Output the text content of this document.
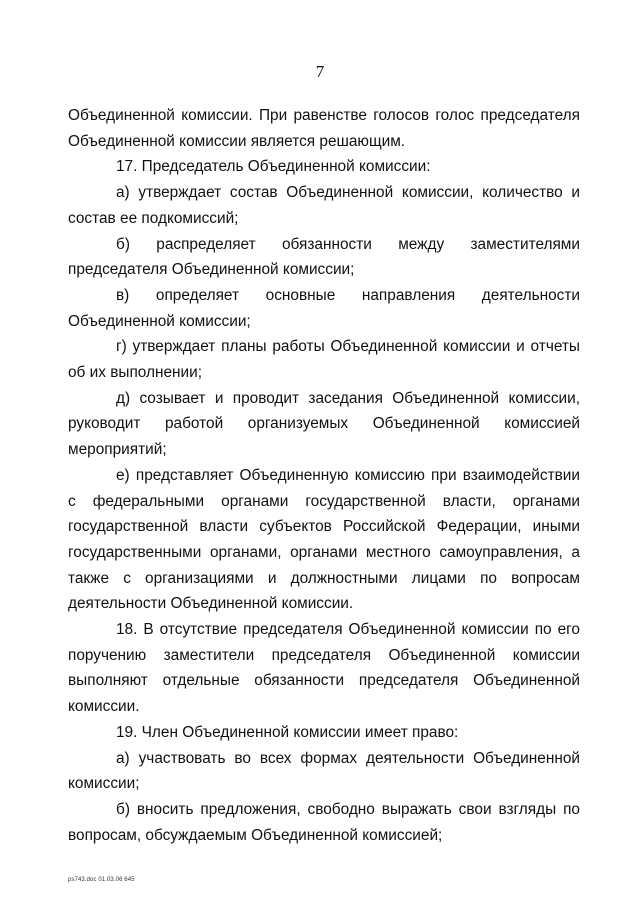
7

Объединенной комиссии. При равенстве голосов голос председателя Объединенной комиссии является решающим.

17. Председатель Объединенной комиссии:

а) утверждает состав Объединенной комиссии, количество и состав ее подкомиссий;

б) распределяет обязанности между заместителями председателя Объединенной комиссии;

в) определяет основные направления деятельности Объединенной комиссии;

г) утверждает планы работы Объединенной комиссии и отчеты об их выполнении;

д) созывает и проводит заседания Объединенной комиссии, руководит работой организуемых Объединенной комиссией мероприятий;

е) представляет Объединенную комиссию при взаимодействии с федеральными органами государственной власти, органами государственной власти субъектов Российской Федерации, иными государственными органами, органами местного самоуправления, а также с организациями и должностными лицами по вопросам деятельности Объединенной комиссии.

18. В отсутствие председателя Объединенной комиссии по его поручению заместители председателя Объединенной комиссии выполняют отдельные обязанности председателя Объединенной комиссии.

19. Член Объединенной комиссии имеет право:

а) участвовать во всех формах деятельности Объединенной комиссии;

б) вносить предложения, свободно выражать свои взгляды по вопросам, обсуждаемым Объединенной комиссией;

ps743.doc 01.03.06 645
